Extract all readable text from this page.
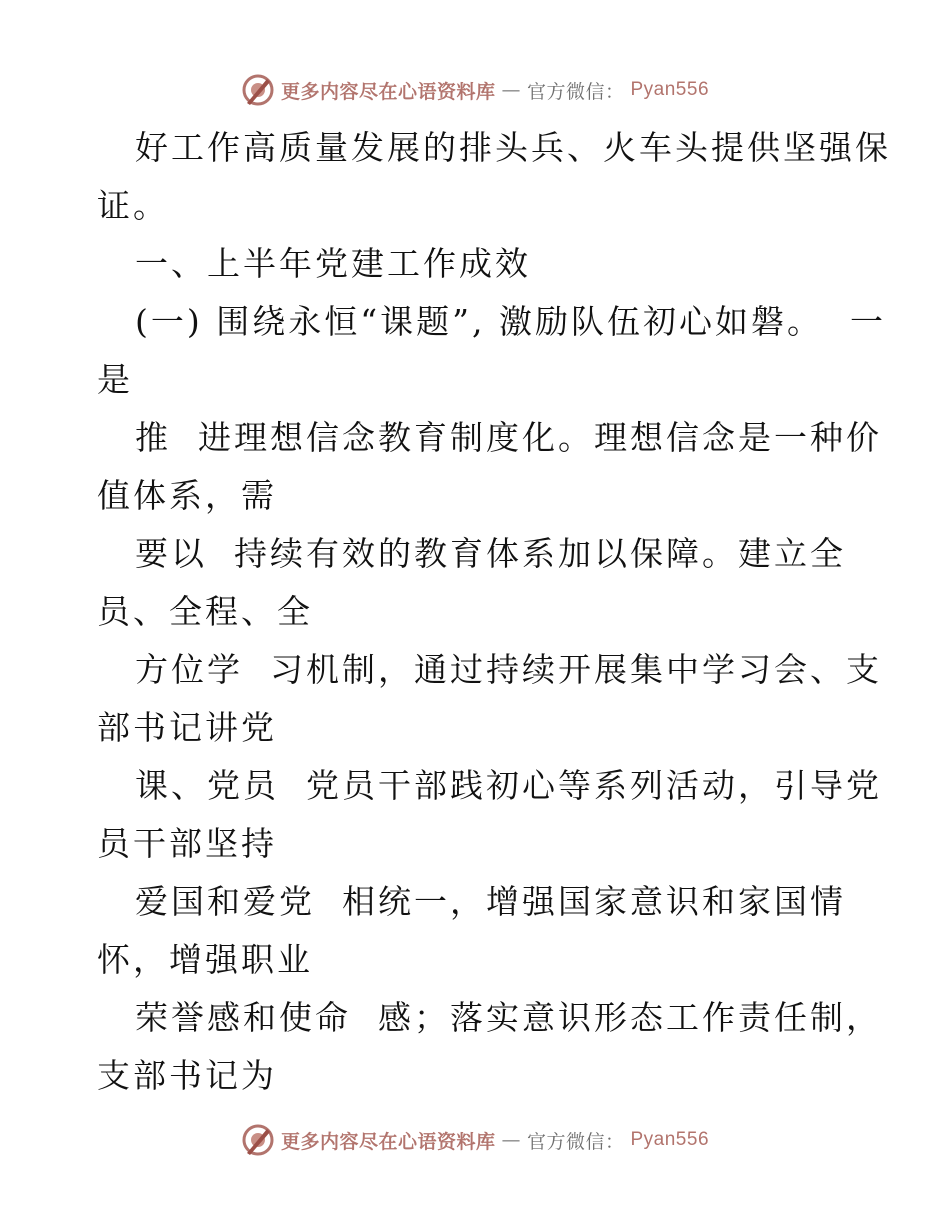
更多内容尽在心语资料库 — 官方微信： Pyan556
好工作高质量发展的排头兵、火车头提供坚强保
证。
一、上半年党建工作成效
(一) 围绕永恒“课题”, 激励队伍初心如磐。  一
是
推  进理想信念教育制度化。理想信念是一种价
值体系，需
要以  持续有效的教育体系加以保障。建立全
员、全程、全
方位学  习机制，通过持续开展集中学习会、支
部书记讲党
课、党员  党员干部践初心等系列活动，引导党
员干部坚持
爱国和爱党  相统一，增强国家意识和家国情
怀，增强职业
荣誉感和使命  感；落实意识形态工作责任制，
支部书记为
更多内容尽在心语资料库 — 官方微信： Pyan556
